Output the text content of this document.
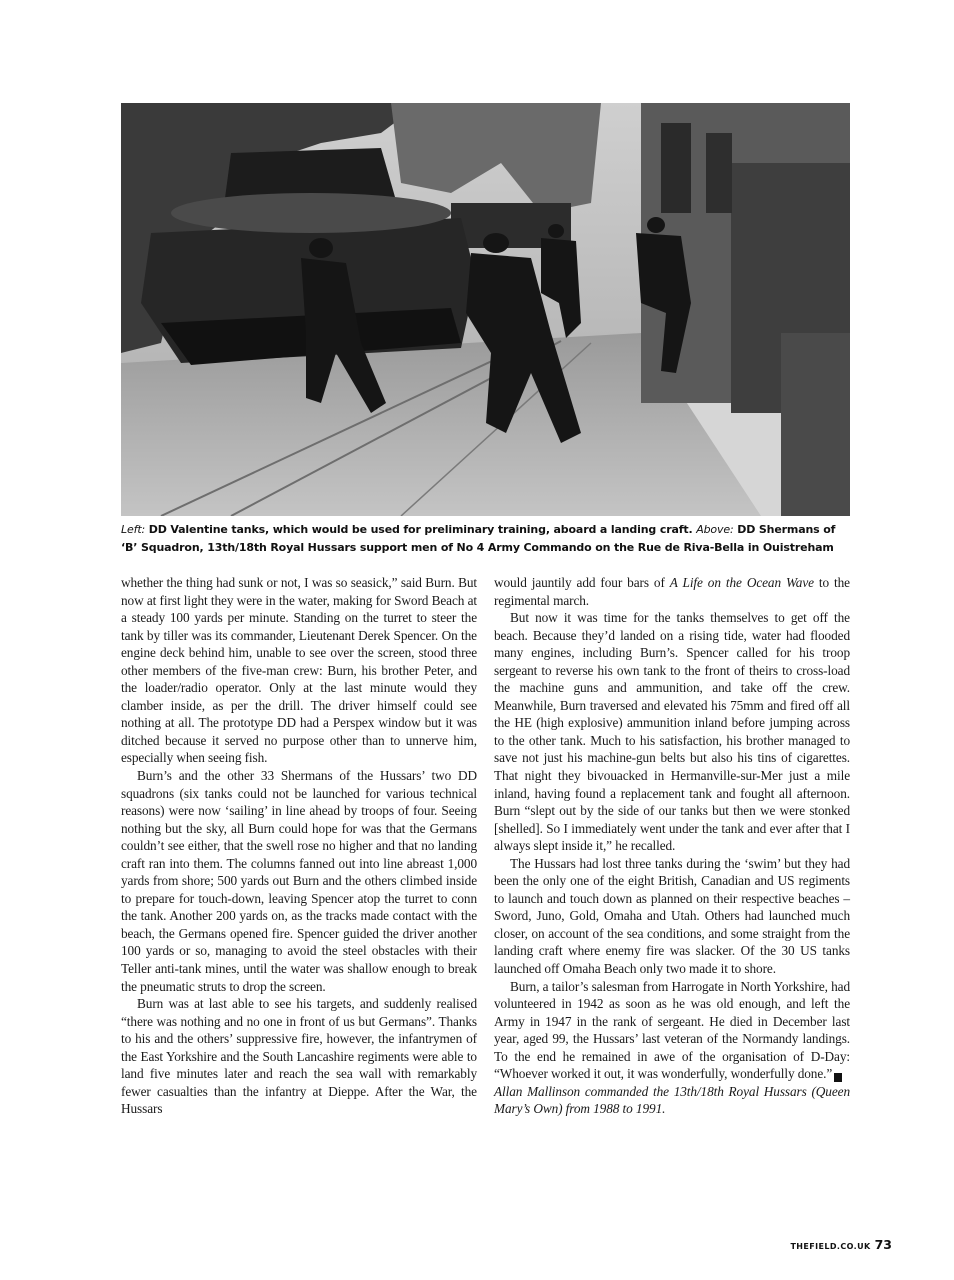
Left: DD Valentine tanks, which would be used for preliminary training, aboard a landing craft. Above: DD Shermans of ‘B’ Squadron, 13th/18th Royal Hussars support men of No 4 Army Commando on the Rue de Riva-Bella in Ouistreham

whether the thing had sunk or not, I was so seasick,” said Burn. But now at first light they were in the water, making for Sword Beach at a steady 100 yards per minute. Standing on the turret to steer the tank by tiller was its commander, Lieutenant Derek Spencer. On the engine deck behind him, unable to see over the screen, stood three other members of the five-man crew: Burn, his brother Peter, and the loader/radio operator. Only at the last minute would they clamber inside, as per the drill. The driver himself could see nothing at all. The prototype DD had a Perspex window but it was ditched because it served no purpose other than to unnerve him, especially when seeing fish.

Burn’s and the other 33 Shermans of the Hussars’ two DD squadrons (six tanks could not be launched for various technical reasons) were now ‘sailing’ in line ahead by troops of four. Seeing nothing but the sky, all Burn could hope for was that the Germans couldn’t see either, that the swell rose no higher and that no landing craft ran into them. The columns fanned out into line abreast 1,000 yards from shore; 500 yards out Burn and the others climbed inside to prepare for touch-down, leaving Spencer atop the turret to conn the tank. Another 200 yards on, as the tracks made contact with the beach, the Germans opened fire. Spencer guided the driver another 100 yards or so, managing to avoid the steel obstacles with their Teller anti-tank mines, until the water was shallow enough to break the pneumatic struts to drop the screen.

Burn was at last able to see his targets, and suddenly realised “there was nothing and no one in front of us but Germans”. Thanks to his and the others’ suppressive fire, however, the infantrymen of the East Yorkshire and the South Lancashire regiments were able to land five minutes later and reach the sea wall with remarkably fewer casualties than the infantry at Dieppe. After the War, the Hussars

would jauntily add four bars of A Life on the Ocean Wave to the regimental march.

But now it was time for the tanks themselves to get off the beach. Because they’d landed on a rising tide, water had flooded many engines, including Burn’s. Spencer called for his troop sergeant to reverse his own tank to the front of theirs to cross-load the machine guns and ammunition, and take off the crew. Meanwhile, Burn traversed and elevated his 75mm and fired off all the HE (high explosive) ammunition inland before jumping across to the other tank. Much to his satisfaction, his brother managed to save not just his machine-gun belts but also his tins of cigarettes. That night they bivouacked in Hermanville-sur-Mer just a mile inland, having found a replacement tank and fought all afternoon. Burn “slept out by the side of our tanks but then we were stonked [shelled]. So I immediately went under the tank and ever after that I always slept inside it,” he recalled.

The Hussars had lost three tanks during the ‘swim’ but they had been the only one of the eight British, Canadian and US regiments to launch and touch down as planned on their respective beaches – Sword, Juno, Gold, Omaha and Utah. Others had launched much closer, on account of the sea conditions, and some straight from the landing craft where enemy fire was slacker. Of the 30 US tanks launched off Omaha Beach only two made it to shore.

Burn, a tailor’s salesman from Harrogate in North Yorkshire, had volunteered in 1942 as soon as he was old enough, and left the Army in 1947 in the rank of sergeant. He died in December last year, aged 99, the Hussars’ last veteran of the Normandy landings. To the end he remained in awe of the organisation of D-Day: “Whoever worked it out, it was wonderfully, wonderfully done.”	F

Allan Mallinson commanded the 13th/18th Royal Hussars (Queen Mary’s Own) from 1988 to 1991.

THEFIELD.CO.UK 73
